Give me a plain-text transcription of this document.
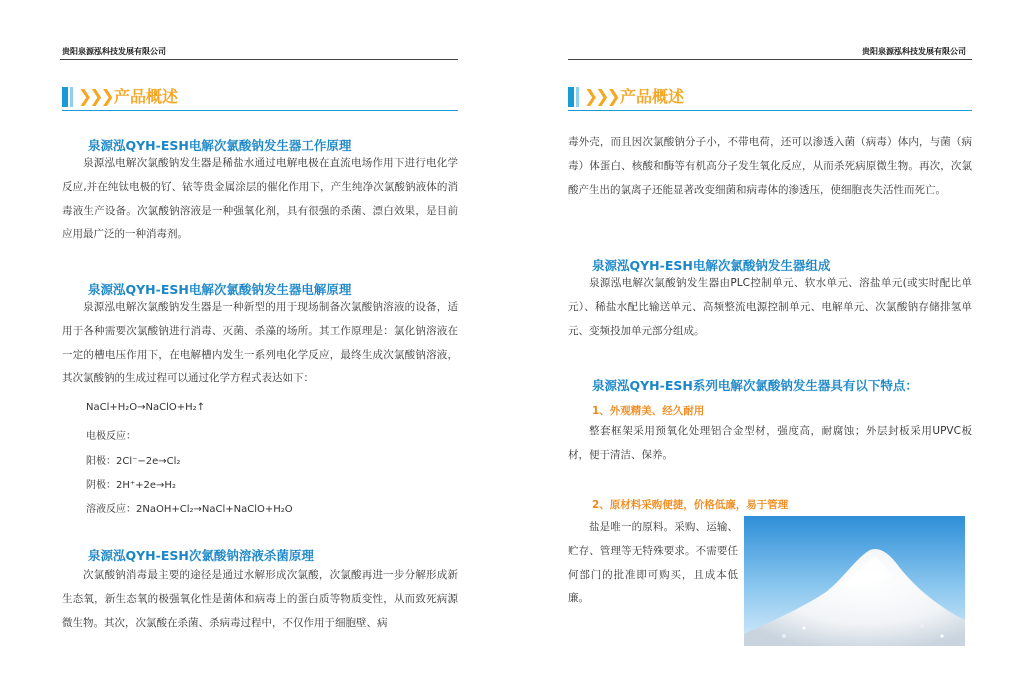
贵阳泉源泓科技发展有限公司
❯❯❯ 产品概述
泉源泓QYH-ESH电解次氯酸钠发生器工作原理
泉源泓电解次氯酸钠发生器是稀盐水通过电解电极在直流电场作用下进行电化学反应,并在纯钛电极的钌、铱等贵金属涂层的催化作用下，产生纯净次氯酸钠液体的消毒液生产设备。次氯酸钠溶液是一种强氧化剂，具有很强的杀菌、漂白效果，是目前应用最广泛的一种消毒剂。
泉源泓QYH-ESH电解次氯酸钠发生器电解原理
泉源泓电解次氯酸钠发生器是一种新型的用于现场制备次氯酸钠溶液的设备，适用于各种需要次氯酸钠进行消毒、灭菌、杀藻的场所。其工作原理是：氯化钠溶液在一定的槽电压作用下，在电解槽内发生一系列电化学反应，最终生成次氯酸钠溶液，其次氯酸钠的生成过程可以通过化学方程式表达如下：
NaCl+H₂O→NaClO+H₂↑
电极反应：
阳极：2Cl⁻−2e→Cl₂
阴极：2H⁺+2e→H₂
溶液反应：2NaOH+Cl₂→NaCl+NaClO+H₂O
泉源泓QYH-ESH次氯酸钠溶液杀菌原理
次氯酸钠消毒最主要的途径是通过水解形成次氯酸，次氯酸再进一步分解形成新生态氧，新生态氧的极强氧化性是菌体和病毒上的蛋白质等物质变性，从而致死病源微生物。其次，次氯酸在杀菌、杀病毒过程中，不仅作用于细胞壁、病
贵阳泉源泓科技发展有限公司
❯❯❯ 产品概述
毒外壳，而且因次氯酸钠分子小，不带电荷，还可以渗透入菌（病毒）体内，与菌（病毒）体蛋白、核酸和酶等有机高分子发生氧化反应，从而杀死病原微生物。再次，次氯酸产生出的氯离子还能显著改变细菌和病毒体的渗透压，使细胞丧失活性而死亡。
泉源泓QYH-ESH电解次氯酸钠发生器组成
泉源泓电解次氯酸钠发生器由PLC控制单元、软水单元、溶盐单元(或实时配比单元）、稀盐水配比输送单元、高频整流电源控制单元、电解单元、次氯酸钠存储排氢单元、变频投加单元部分组成。
泉源泓QYH-ESH系列电解次氯酸钠发生器具有以下特点：
1、外观精美、经久耐用
整套框架采用预氧化处理铝合金型材，强度高，耐腐蚀；外层封板采用UPVC板材，便于清洁、保养。
2、原材料采购便捷，价格低廉，易于管理
盐是唯一的原料。采购、运输、贮存、管理等无特殊要求。不需要任何部门的批准即可购买，且成本低廉。
